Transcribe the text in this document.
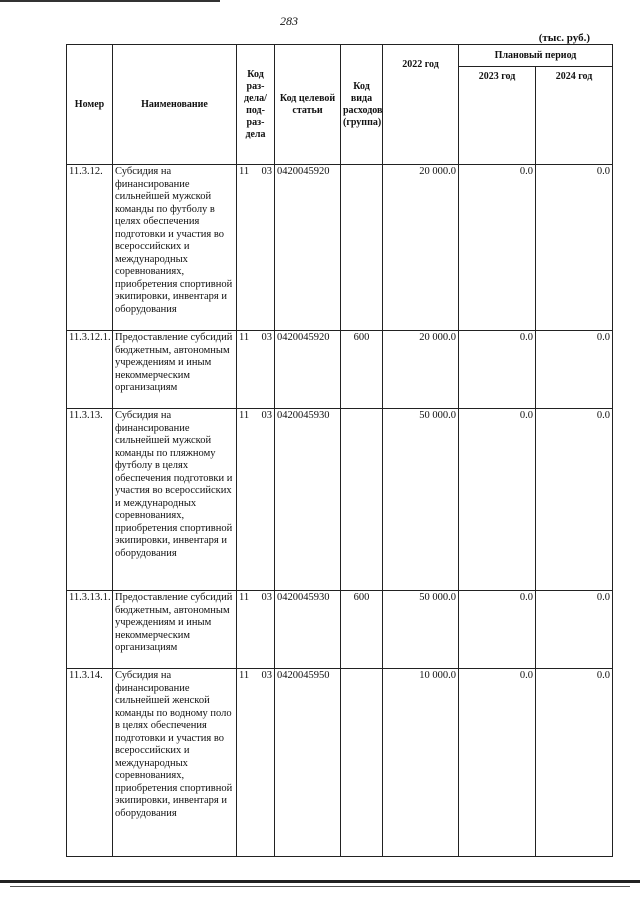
283
(тыс. руб.)
Номер	Наименование	Код раз-дела/ под-раз-дела	Код целевой статьи	Код вида расходов (группа)	2022 год	Плановый период	
						2023 год	2024 год
11.3.12.	Субсидия на финансирование сильнейшей мужской команды по футболу в целях обеспечения подготовки и участия во всероссийских и международных соревнованиях, приобретения спортивной экипировки, инвентаря и оборудования	11 03	0420045920		20 000.0	0.0	0.0
11.3.12.1.	Предоставление субсидий бюджетным, автономным учреждениям и иным некоммерческим организациям	11 03	0420045920	600	20 000.0	0.0	0.0
11.3.13.	Субсидия на финансирование сильнейшей мужской команды по пляжному футболу в целях обеспечения подготовки и участия во всероссийских и международных соревнованиях, приобретения спортивной экипировки, инвентаря и оборудования	11 03	0420045930		50 000.0	0.0	0.0
11.3.13.1.	Предоставление субсидий бюджетным, автономным учреждениям и иным некоммерческим организациям	11 03	0420045930	600	50 000.0	0.0	0.0
11.3.14.	Субсидия на финансирование сильнейшей женской команды по водному поло в целях обеспечения подготовки и участия во всероссийских и международных соревнованиях, приобретения спортивной экипировки, инвентаря и оборудования	11 03	0420045950		10 000.0	0.0	0.0
